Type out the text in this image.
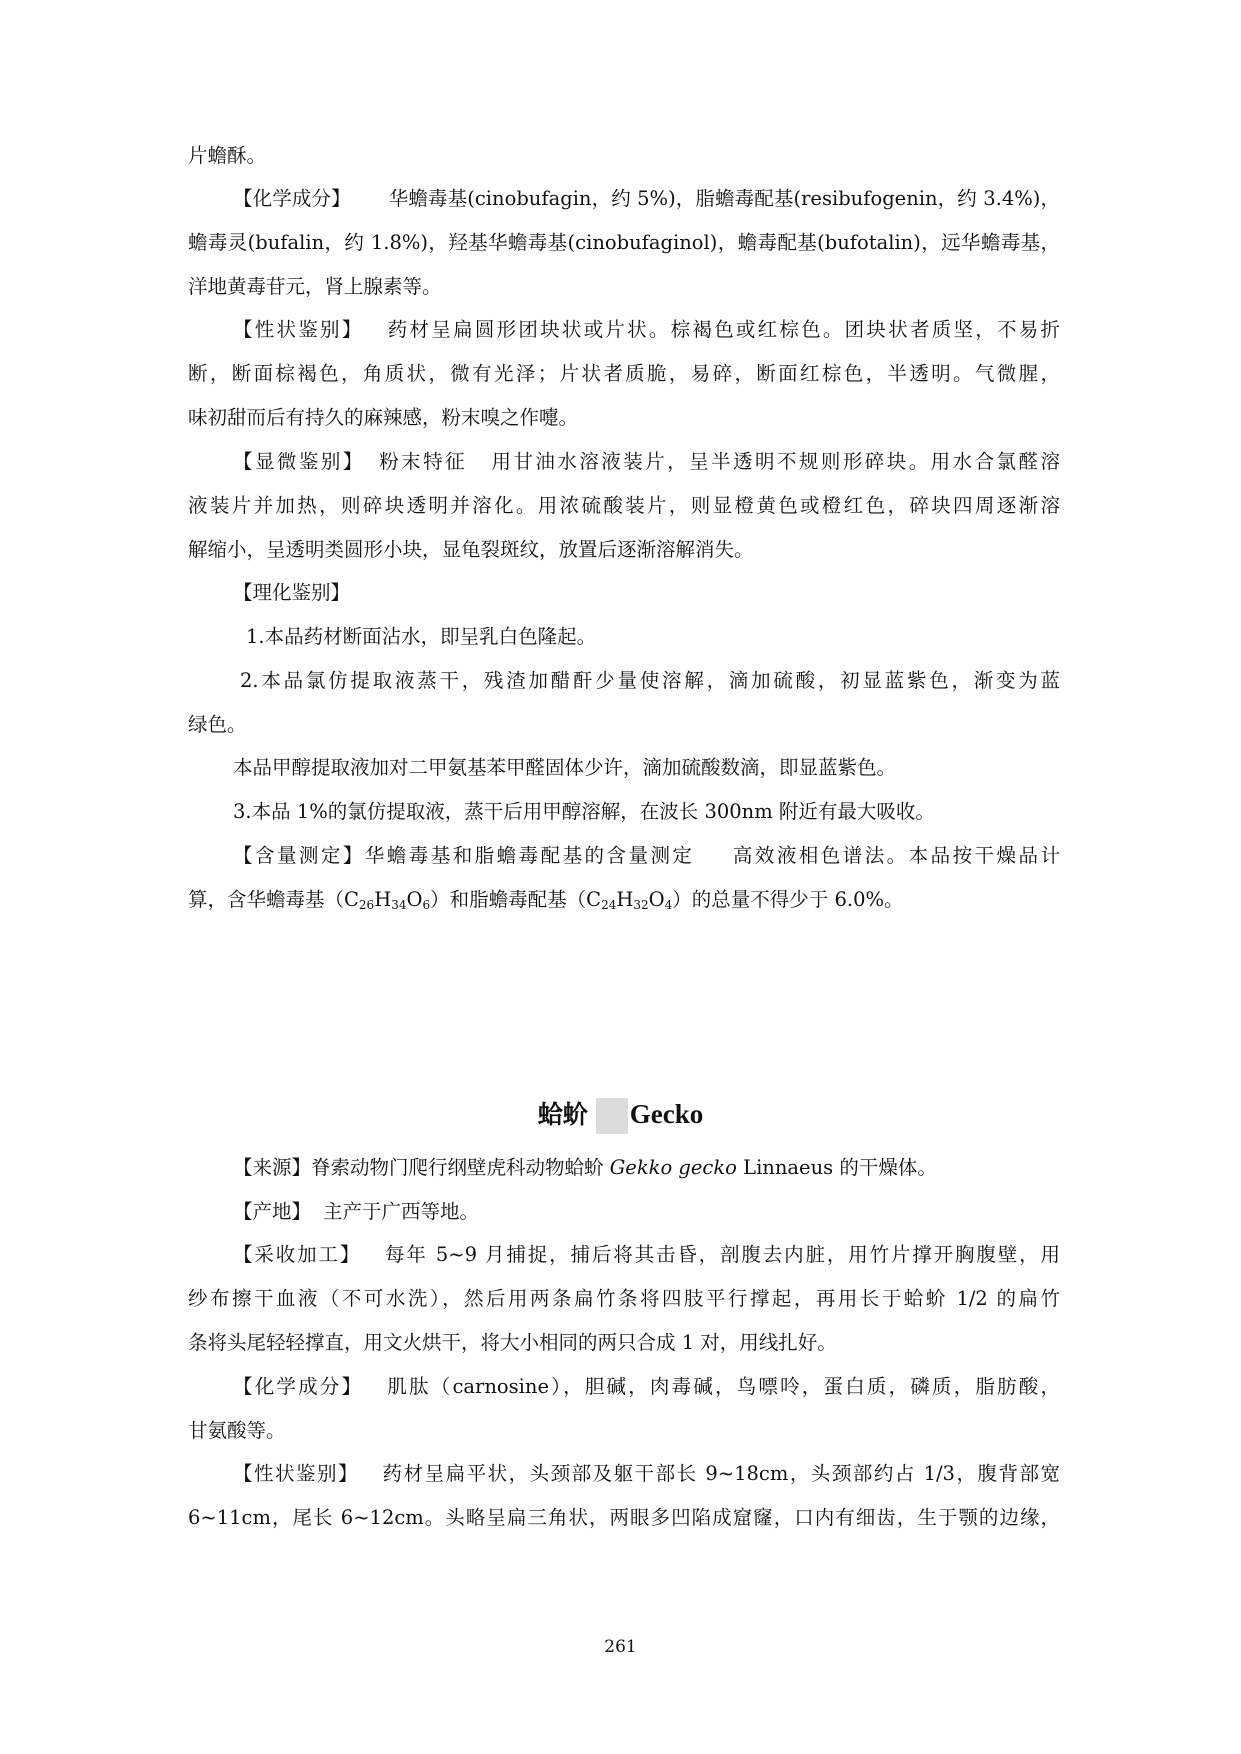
片蟾酥。
【化学成分】 华蟾毒基(cinobufagin，约 5%)，脂蟾毒配基(resibufogenin，约 3.4%)，
蟾毒灵(bufalin，约 1.8%)，羟基华蟾毒基(cinobufaginol)，蟾毒配基(bufotalin)，远华蟾毒基，
洋地黄毒苷元，肾上腺素等。
【性状鉴别】 药材呈扁圆形团块状或片状。棕褐色或红棕色。团块状者质坚，不易折
断，断面棕褐色，角质状，微有光泽；片状者质脆，易碎，断面红棕色，半透明。气微腥，
味初甜而后有持久的麻辣感，粉末嗅之作嚏。
【显微鉴别】 粉末特征 用甘油水溶液装片，呈半透明不规则形碎块。用水合氯醛溶
液装片并加热，则碎块透明并溶化。用浓硫酸装片，则显橙黄色或橙红色，碎块四周逐渐溶
解缩小，呈透明类圆形小块，显龟裂斑纹，放置后逐渐溶解消失。
【理化鉴别】
1.本品药材断面沾水，即呈乳白色隆起。
2.本品氯仿提取液蒸干，残渣加醋酐少量使溶解，滴加硫酸，初显蓝紫色，渐变为蓝
绿色。
本品甲醇提取液加对二甲氨基苯甲醛固体少许，滴加硫酸数滴，即显蓝紫色。
3.本品 1%的氯仿提取液，蒸干后用甲醇溶解，在波长 300nm 附近有最大吸收。
【含量测定】华蟾毒基和脂蟾毒配基的含量测定 高效液相色谱法。本品按干燥品计
算，含华蟾毒基$(C_{26}H_{34}O_6)$和脂蟾毒配基$(C_{24}H_{32}O_4)$的总量不得少于 6.0%。
蛤蚧 Gecko
【来源】脊索动物门爬行纲壁虎科动物蛤蚧 Gekko gecko Linnaeus 的干燥体。
【产地】 主产于广西等地。
【采收加工】 每年 5~9 月捕捉，捕后将其击昏，剖腹去内脏，用竹片撑开胸腹壁，用
纱布擦干血液（不可水洗），然后用两条扁竹条将四肢平行撑起，再用长于蛤蚧 1/2 的扁竹
条将头尾轻轻撑直，用文火烘干，将大小相同的两只合成 1 对，用线扎好。
【化学成分】 肌肽（carnosine），胆碱，肉毒碱，鸟嘌呤，蛋白质，磷质，脂肪酸，
甘氨酸等。
【性状鉴别】 药材呈扁平状，头颈部及躯干部长 9~18cm，头颈部约占 1/3，腹背部宽
6~11cm，尾长 6~12cm。头略呈扁三角状，两眼多凹陷成窟窿，口内有细齿，生于颚的边缘，
261
